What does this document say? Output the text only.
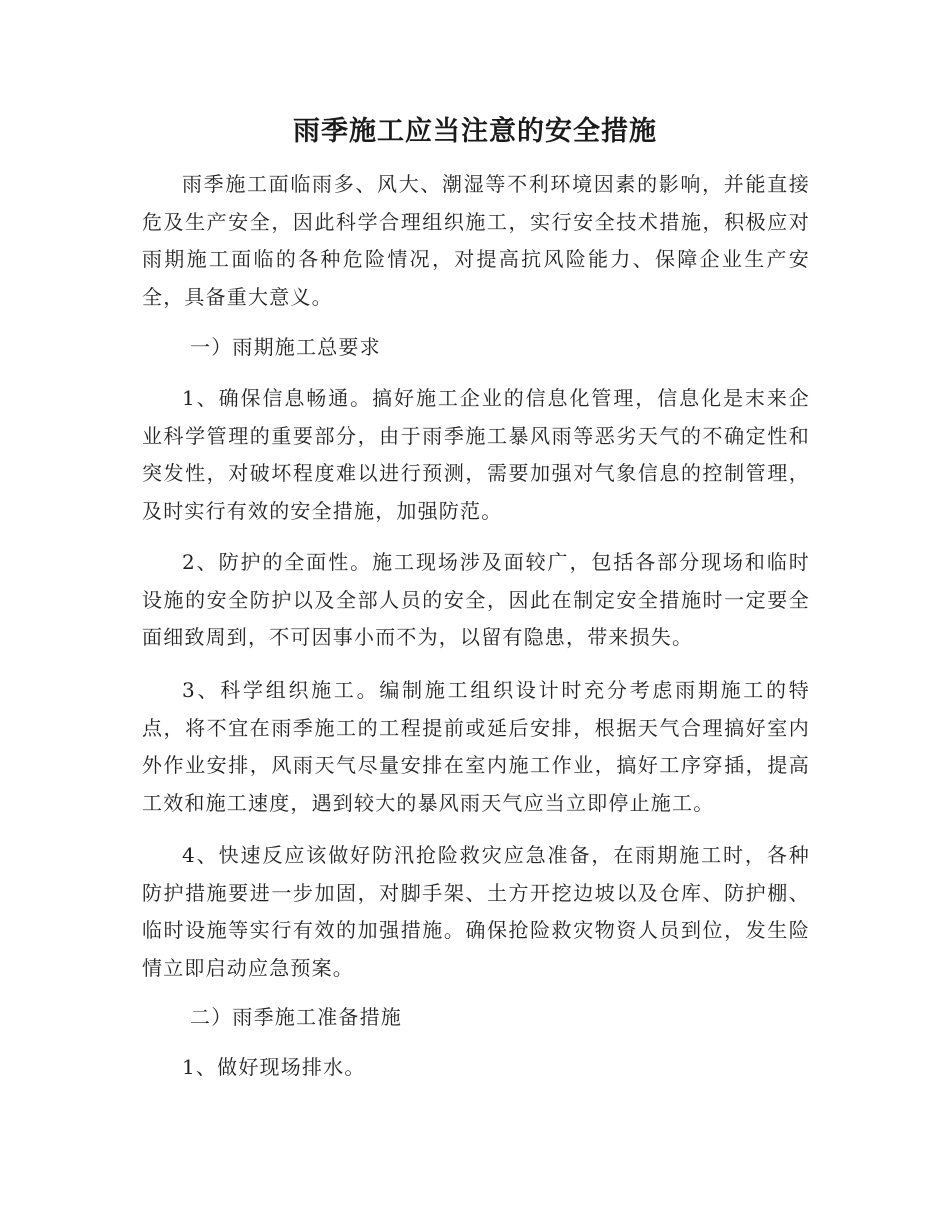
雨季施工应当注意的安全措施
雨季施工面临雨多、风大、潮湿等不利环境因素的影响，并能直接危及生产安全，因此科学合理组织施工，实行安全技术措施，积极应对雨期施工面临的各种危险情况，对提高抗风险能力、保障企业生产安全，具备重大意义。
一）雨期施工总要求
1、确保信息畅通。搞好施工企业的信息化管理，信息化是末来企业科学管理的重要部分，由于雨季施工暴风雨等恶劣天气的不确定性和突发性，对破坏程度难以进行预测，需要加强对气象信息的控制管理，及时实行有效的安全措施，加强防范。
2、防护的全面性。施工现场涉及面较广，包括各部分现场和临时设施的安全防护以及全部人员的安全，因此在制定安全措施时一定要全面细致周到，不可因事小而不为，以留有隐患，带来损失。
3、科学组织施工。编制施工组织设计时充分考虑雨期施工的特点，将不宜在雨季施工的工程提前或延后安排，根据天气合理搞好室内外作业安排，风雨天气尽量安排在室内施工作业，搞好工序穿插，提高工效和施工速度，遇到较大的暴风雨天气应当立即停止施工。
4、快速反应该做好防汛抢险救灾应急准备，在雨期施工时，各种防护措施要进一步加固，对脚手架、土方开挖边坡以及仓库、防护棚、临时设施等实行有效的加强措施。确保抢险救灾物资人员到位，发生险情立即启动应急预案。
二）雨季施工准备措施
1、做好现场排水。
